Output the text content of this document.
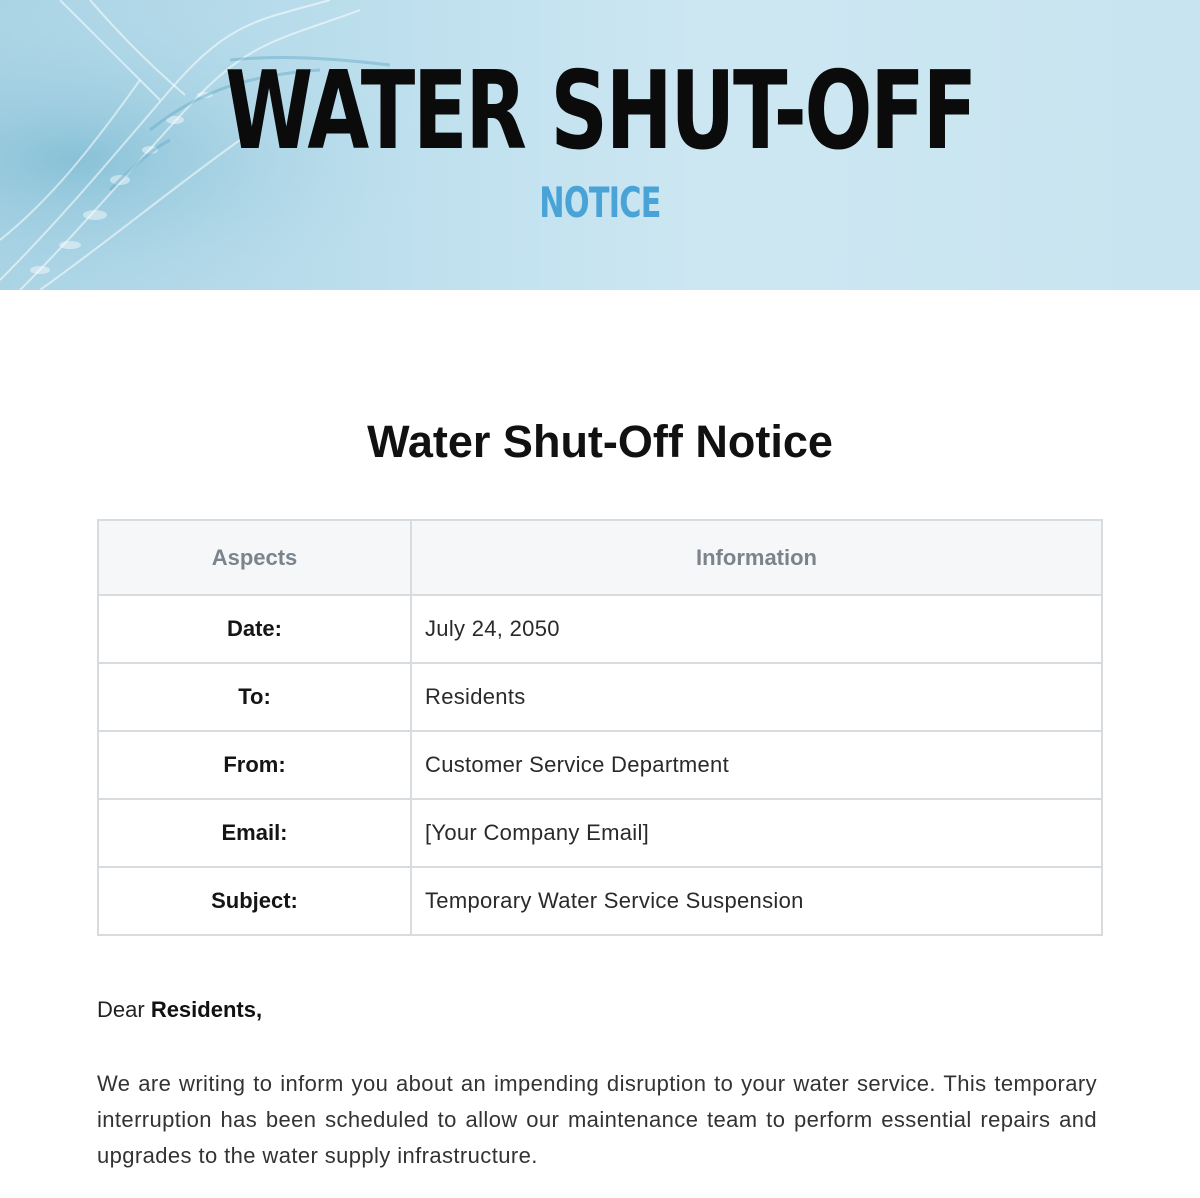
WATER SHUT-OFF
NOTICE
Water Shut-Off Notice
Aspects	Information
Date:	July 24, 2050
To:	Residents
From:	Customer Service Department
Email:	[Your Company Email]
Subject:	Temporary Water Service Suspension
Dear Residents,
We are writing to inform you about an impending disruption to your water service. This temporary interruption has been scheduled to allow our maintenance team to perform essential repairs and upgrades to the water supply infrastructure.
